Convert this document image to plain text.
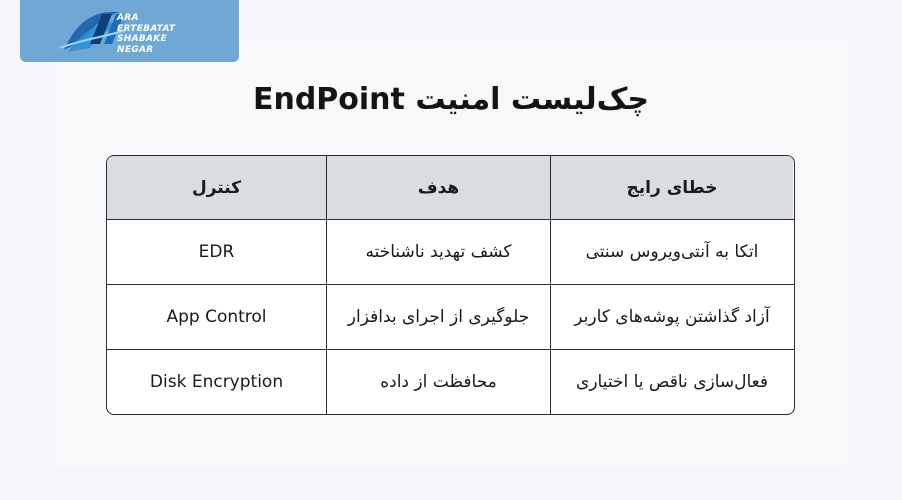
ARA
ERTEBATAT
SHABAKE
NEGAR
چک‌لیست امنیت EndPoint
کنترل	هدف	خطای رایج
EDR	کشف تهدید ناشناخته	اتکا به آنتی‌ویروس سنتی
App Control	جلوگیری از اجرای بدافزار	آزاد گذاشتن پوشه‌های کاربر
Disk Encryption	محافظت از داده	فعال‌سازی ناقص یا اختیاری
